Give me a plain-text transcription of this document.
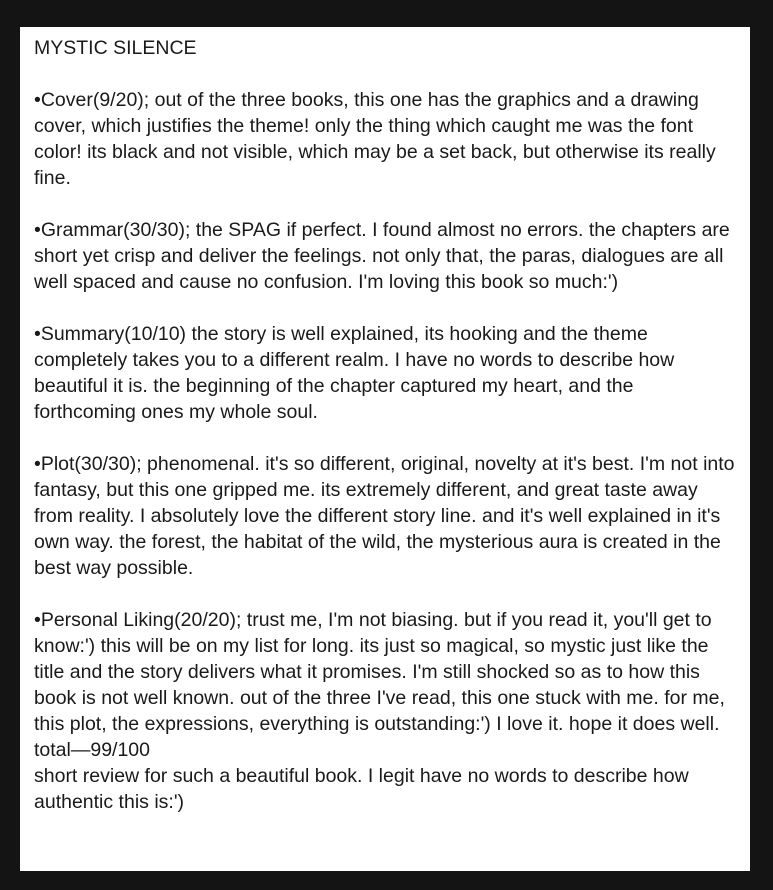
MYSTIC SILENCE

•Cover(9/20); out of the three books, this one has the graphics and a drawing cover, which justifies the theme! only the thing which caught me was the font color! its black and not visible, which may be a set back, but otherwise its really fine.

•Grammar(30/30); the SPAG if perfect. I found almost no errors. the chapters are short yet crisp and deliver the feelings. not only that, the paras, dialogues are all well spaced and cause no confusion. I'm loving this book so much:')

•Summary(10/10) the story is well explained, its hooking and the theme completely takes you to a different realm. I have no words to describe how beautiful it is. the beginning of the chapter captured my heart, and the forthcoming ones my whole soul.

•Plot(30/30); phenomenal. it's so different, original, novelty at it's best. I'm not into fantasy, but this one gripped me. its extremely different, and great taste away from reality. I absolutely love the different story line. and it's well explained in it's own way. the forest, the habitat of the wild, the mysterious aura is created in the best way possible.

•Personal Liking(20/20); trust me, I'm not biasing. but if you read it, you'll get to know:') this will be on my list for long. its just so magical, so mystic just like the title and the story delivers what it promises. I'm still shocked so as to how this book is not well known. out of the three I've read, this one stuck with me. for me, this plot, the expressions, everything is outstanding:') I love it. hope it does well.

total—99/100

short review for such a beautiful book. I legit have no words to describe how authentic this is:')
